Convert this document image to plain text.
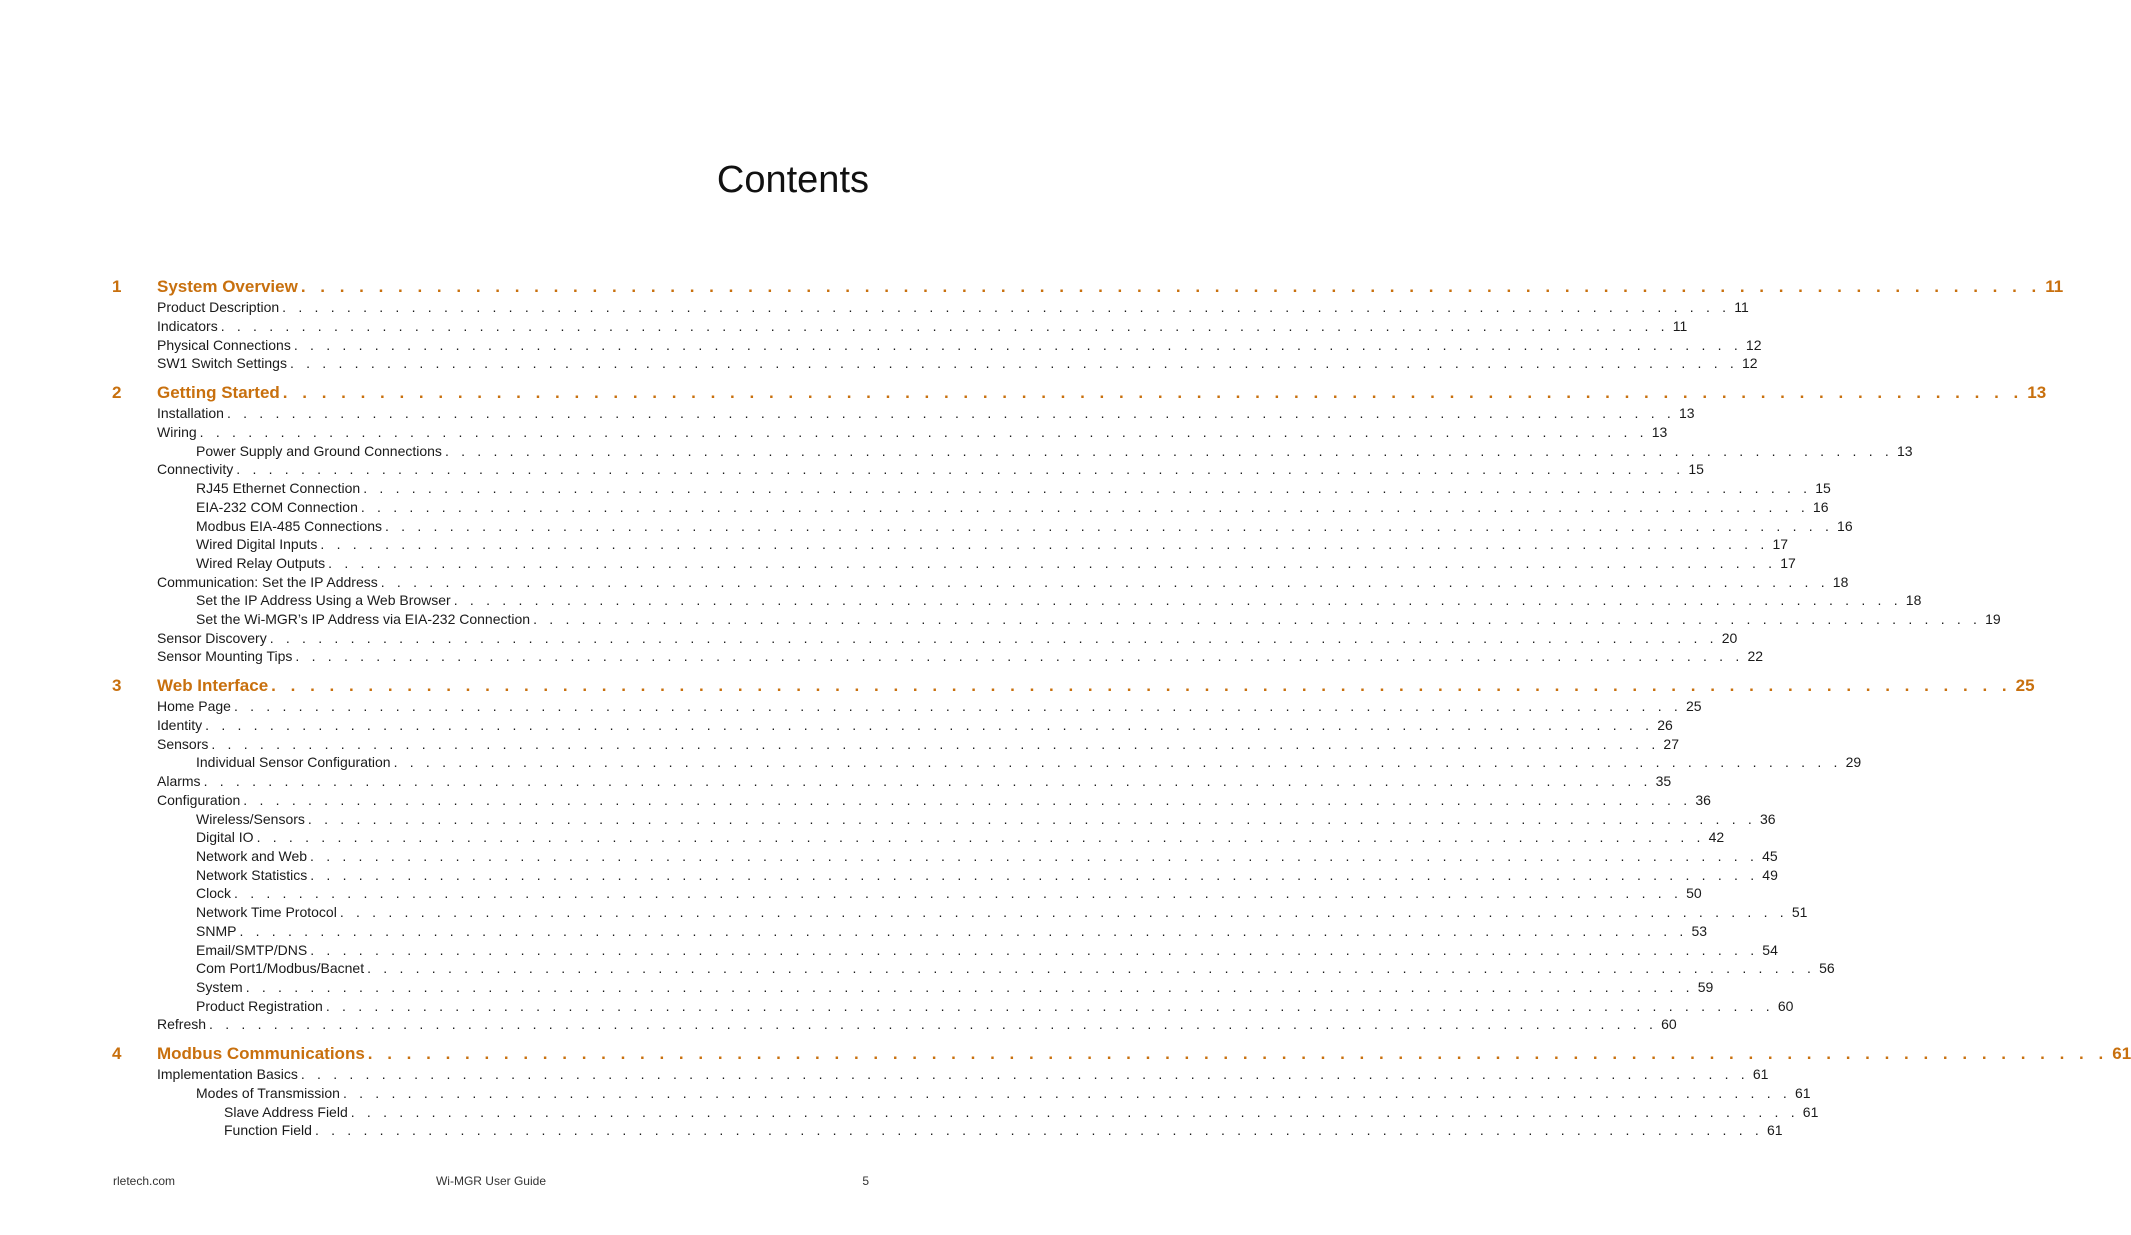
Contents
1 System Overview . . . . . . . . . . . . . . . . . . . . . . . . . . . . . . . . . . . . . . . . . . . . . . . . . . . . . . . . . . . . . . . . . . . . . . . . . . . . . . . . . . . . . . . . . . 11
Product Description . . . . . . . . . . . . . . . . . . . . . . . . . . . . . . . . . . . . . . . . . . . . . . . . . . . . . . . . . . . . . . . . . . . . . . . . . . . . . . . . . . . . . . . . . . 11
Indicators . . . . . . . . . . . . . . . . . . . . . . . . . . . . . . . . . . . . . . . . . . . . . . . . . . . . . . . . . . . . . . . . . . . . . . . . . . . . . . . . . . . . . . . . . . 11
Physical Connections . . . . . . . . . . . . . . . . . . . . . . . . . . . . . . . . . . . . . . . . . . . . . . . . . . . . . . . . . . . . . . . . . . . . . . . . . . . . . . . . . . . . . . . . . . 12
SW1 Switch Settings . . . . . . . . . . . . . . . . . . . . . . . . . . . . . . . . . . . . . . . . . . . . . . . . . . . . . . . . . . . . . . . . . . . . . . . . . . . . . . . . . . . . . . . . . . 12
2 Getting Started . . . . . . . . . . . . . . . . . . . . . . . . . . . . . . . . . . . . . . . . . . . . . . . . . . . . . . . . . . . . . . . . . . . . . . . . . . . . . . . . . . . . . . . . . . 13
Installation . . . . . . . . . . . . . . . . . . . . . . . . . . . . . . . . . . . . . . . . . . . . . . . . . . . . . . . . . . . . . . . . . . . . . . . . . . . . . . . . . . . . . . . . . . 13
Wiring . . . . . . . . . . . . . . . . . . . . . . . . . . . . . . . . . . . . . . . . . . . . . . . . . . . . . . . . . . . . . . . . . . . . . . . . . . . . . . . . . . . . . . . . . . 13
Power Supply and Ground Connections . . . . . . . . . . . . . . . . . . . . . . . . . . . . . . . . . . . . . . . . . . . . . . . . . . . . . . . . . . . . . . . . . . . . . . . . . . . . . . . . . . . . . . . . . . 13
Connectivity . . . . . . . . . . . . . . . . . . . . . . . . . . . . . . . . . . . . . . . . . . . . . . . . . . . . . . . . . . . . . . . . . . . . . . . . . . . . . . . . . . . . . . . . . . 15
RJ45 Ethernet Connection . . . . . . . . . . . . . . . . . . . . . . . . . . . . . . . . . . . . . . . . . . . . . . . . . . . . . . . . . . . . . . . . . . . . . . . . . . . . . . . . . . . . . . . . . . 15
EIA-232 COM Connection . . . . . . . . . . . . . . . . . . . . . . . . . . . . . . . . . . . . . . . . . . . . . . . . . . . . . . . . . . . . . . . . . . . . . . . . . . . . . . . . . . . . . . . . . . 16
Modbus EIA-485 Connections . . . . . . . . . . . . . . . . . . . . . . . . . . . . . . . . . . . . . . . . . . . . . . . . . . . . . . . . . . . . . . . . . . . . . . . . . . . . . . . . . . . . . . . . . . 16
Wired Digital Inputs . . . . . . . . . . . . . . . . . . . . . . . . . . . . . . . . . . . . . . . . . . . . . . . . . . . . . . . . . . . . . . . . . . . . . . . . . . . . . . . . . . . . . . . . . . 17
Wired Relay Outputs . . . . . . . . . . . . . . . . . . . . . . . . . . . . . . . . . . . . . . . . . . . . . . . . . . . . . . . . . . . . . . . . . . . . . . . . . . . . . . . . . . . . . . . . . . 17
Communication: Set the IP Address . . . . . . . . . . . . . . . . . . . . . . . . . . . . . . . . . . . . . . . . . . . . . . . . . . . . . . . . . . . . . . . . . . . . . . . . . . . . . . . . . . . . . . . . . . 18
Set the IP Address Using a Web Browser . . . . . . . . . . . . . . . . . . . . . . . . . . . . . . . . . . . . . . . . . . . . . . . . . . . . . . . . . . . . . . . . . . . . . . . . . . . . . . . . . . . . . . . . . . 18
Set the Wi-MGR’s IP Address via EIA-232 Connection . . . . . . . . . . . . . . . . . . . . . . . . . . . . . . . . . . . . . . . . . . . . . . . . . . . . . . . . . . . . . . . . . . . . . . . . . . . . . . . . . . . . . . . . . . 19
Sensor Discovery . . . . . . . . . . . . . . . . . . . . . . . . . . . . . . . . . . . . . . . . . . . . . . . . . . . . . . . . . . . . . . . . . . . . . . . . . . . . . . . . . . . . . . . . . . 20
Sensor Mounting Tips . . . . . . . . . . . . . . . . . . . . . . . . . . . . . . . . . . . . . . . . . . . . . . . . . . . . . . . . . . . . . . . . . . . . . . . . . . . . . . . . . . . . . . . . . . 22
3 Web Interface . . . . . . . . . . . . . . . . . . . . . . . . . . . . . . . . . . . . . . . . . . . . . . . . . . . . . . . . . . . . . . . . . . . . . . . . . . . . . . . . . . . . . . . . . . 25
Home Page . . . . . . . . . . . . . . . . . . . . . . . . . . . . . . . . . . . . . . . . . . . . . . . . . . . . . . . . . . . . . . . . . . . . . . . . . . . . . . . . . . . . . . . . . . 25
Identity . . . . . . . . . . . . . . . . . . . . . . . . . . . . . . . . . . . . . . . . . . . . . . . . . . . . . . . . . . . . . . . . . . . . . . . . . . . . . . . . . . . . . . . . . . 26
Sensors . . . . . . . . . . . . . . . . . . . . . . . . . . . . . . . . . . . . . . . . . . . . . . . . . . . . . . . . . . . . . . . . . . . . . . . . . . . . . . . . . . . . . . . . . . 27
Individual Sensor Configuration . . . . . . . . . . . . . . . . . . . . . . . . . . . . . . . . . . . . . . . . . . . . . . . . . . . . . . . . . . . . . . . . . . . . . . . . . . . . . . . . . . . . . . . . . . 29
Alarms . . . . . . . . . . . . . . . . . . . . . . . . . . . . . . . . . . . . . . . . . . . . . . . . . . . . . . . . . . . . . . . . . . . . . . . . . . . . . . . . . . . . . . . . . . 35
Configuration . . . . . . . . . . . . . . . . . . . . . . . . . . . . . . . . . . . . . . . . . . . . . . . . . . . . . . . . . . . . . . . . . . . . . . . . . . . . . . . . . . . . . . . . . . 36
Wireless/Sensors . . . . . . . . . . . . . . . . . . . . . . . . . . . . . . . . . . . . . . . . . . . . . . . . . . . . . . . . . . . . . . . . . . . . . . . . . . . . . . . . . . . . . . . . . . 36
Digital IO . . . . . . . . . . . . . . . . . . . . . . . . . . . . . . . . . . . . . . . . . . . . . . . . . . . . . . . . . . . . . . . . . . . . . . . . . . . . . . . . . . . . . . . . . . 42
Network and Web . . . . . . . . . . . . . . . . . . . . . . . . . . . . . . . . . . . . . . . . . . . . . . . . . . . . . . . . . . . . . . . . . . . . . . . . . . . . . . . . . . . . . . . . . . 45
Network Statistics . . . . . . . . . . . . . . . . . . . . . . . . . . . . . . . . . . . . . . . . . . . . . . . . . . . . . . . . . . . . . . . . . . . . . . . . . . . . . . . . . . . . . . . . . . 49
Clock . . . . . . . . . . . . . . . . . . . . . . . . . . . . . . . . . . . . . . . . . . . . . . . . . . . . . . . . . . . . . . . . . . . . . . . . . . . . . . . . . . . . . . . . . . 50
Network Time Protocol . . . . . . . . . . . . . . . . . . . . . . . . . . . . . . . . . . . . . . . . . . . . . . . . . . . . . . . . . . . . . . . . . . . . . . . . . . . . . . . . . . . . . . . . . . 51
SNMP . . . . . . . . . . . . . . . . . . . . . . . . . . . . . . . . . . . . . . . . . . . . . . . . . . . . . . . . . . . . . . . . . . . . . . . . . . . . . . . . . . . . . . . . . . 53
Email/SMTP/DNS . . . . . . . . . . . . . . . . . . . . . . . . . . . . . . . . . . . . . . . . . . . . . . . . . . . . . . . . . . . . . . . . . . . . . . . . . . . . . . . . . . . . . . . . . . 54
Com Port1/Modbus/Bacnet . . . . . . . . . . . . . . . . . . . . . . . . . . . . . . . . . . . . . . . . . . . . . . . . . . . . . . . . . . . . . . . . . . . . . . . . . . . . . . . . . . . . . . . . . . 56
System . . . . . . . . . . . . . . . . . . . . . . . . . . . . . . . . . . . . . . . . . . . . . . . . . . . . . . . . . . . . . . . . . . . . . . . . . . . . . . . . . . . . . . . . . . 59
Product Registration . . . . . . . . . . . . . . . . . . . . . . . . . . . . . . . . . . . . . . . . . . . . . . . . . . . . . . . . . . . . . . . . . . . . . . . . . . . . . . . . . . . . . . . . . . 60
Refresh . . . . . . . . . . . . . . . . . . . . . . . . . . . . . . . . . . . . . . . . . . . . . . . . . . . . . . . . . . . . . . . . . . . . . . . . . . . . . . . . . . . . . . . . . . 60
4 Modbus Communications . . . . . . . . . . . . . . . . . . . . . . . . . . . . . . . . . . . . . . . . . . . . . . . . . . . . . . . . . . . . . . . . . . . . . . . . . . . . . . . . . . . . . . . . . . 61
Implementation Basics . . . . . . . . . . . . . . . . . . . . . . . . . . . . . . . . . . . . . . . . . . . . . . . . . . . . . . . . . . . . . . . . . . . . . . . . . . . . . . . . . . . . . . . . . . 61
Modes of Transmission . . . . . . . . . . . . . . . . . . . . . . . . . . . . . . . . . . . . . . . . . . . . . . . . . . . . . . . . . . . . . . . . . . . . . . . . . . . . . . . . . . . . . . . . . . 61
Slave Address Field . . . . . . . . . . . . . . . . . . . . . . . . . . . . . . . . . . . . . . . . . . . . . . . . . . . . . . . . . . . . . . . . . . . . . . . . . . . . . . . . . . . . . . . . . . 61
Function Field . . . . . . . . . . . . . . . . . . . . . . . . . . . . . . . . . . . . . . . . . . . . . . . . . . . . . . . . . . . . . . . . . . . . . . . . . . . . . . . . . . . . . . . . . . 61
rletech.com	Wi-MGR User Guide	5
